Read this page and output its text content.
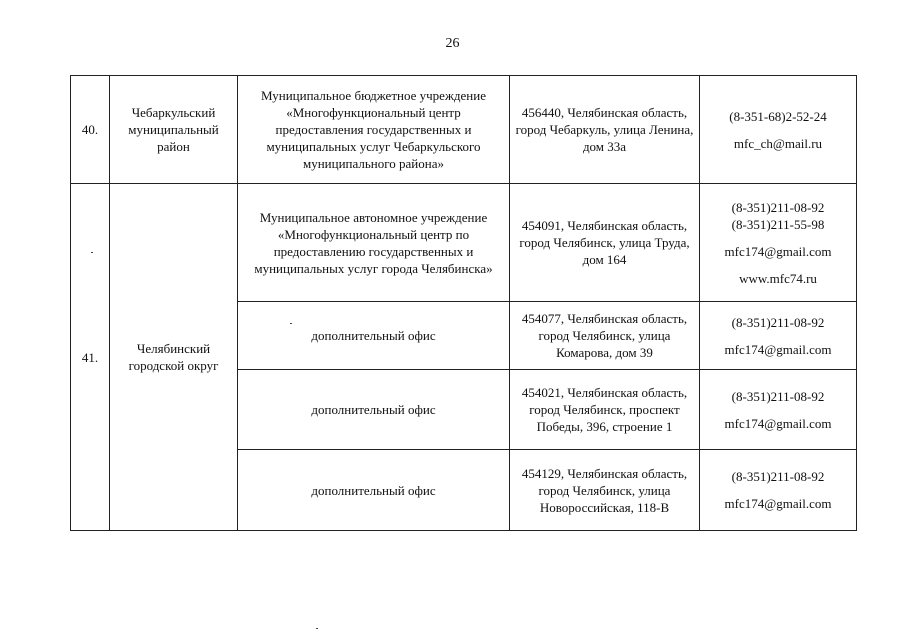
26
40.	Чебаркульский муниципальный район	Муниципальное бюджетное учреждение «Многофункциональный центр предоставления государственных и муниципальных услуг Чебаркульского муниципального района»	456440, Челябинская область, город Чебаркуль, улица Ленина, дом 33а	(8-351-68)2-52-24
mfc_ch@mail.ru

41.	Челябинский городской округ	Муниципальное автономное учреждение «Многофункциональный центр по предоставлению государственных и муниципальных услуг города Челябинска»	454091, Челябинская область, город Челябинск, улица Труда, дом 164	(8-351)211-08-92
(8-351)211-55-98
mfc174@gmail.com
www.mfc74.ru

		дополнительный офис	454077, Челябинская область, город Челябинск, улица Комарова, дом 39	(8-351)211-08-92
mfc174@gmail.com

		дополнительный офис	454021, Челябинская область, город Челябинск, проспект Победы, 396, строение 1	(8-351)211-08-92
mfc174@gmail.com

		дополнительный офис	454129, Челябинская область, город Челябинск, улица Новороссийская, 118-В	(8-351)211-08-92
mfc174@gmail.com
